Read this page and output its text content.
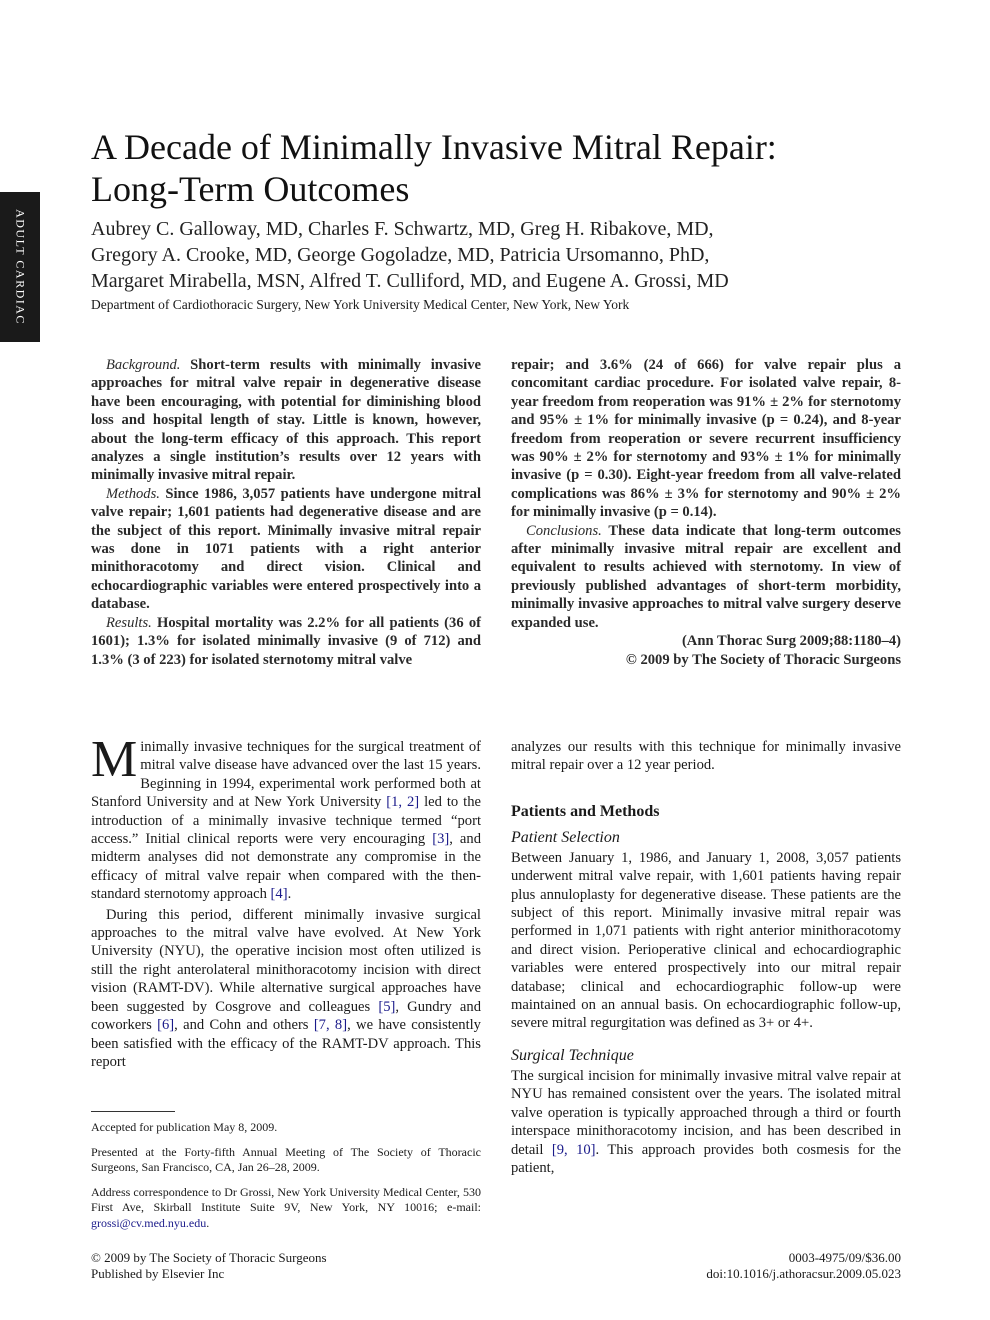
ADULT CARDIAC
A Decade of Minimally Invasive Mitral Repair:
Long-Term Outcomes
Aubrey C. Galloway, MD, Charles F. Schwartz, MD, Greg H. Ribakove, MD,
Gregory A. Crooke, MD, George Gogoladze, MD, Patricia Ursomanno, PhD,
Margaret Mirabella, MSN, Alfred T. Culliford, MD, and Eugene A. Grossi, MD
Department of Cardiothoracic Surgery, New York University Medical Center, New York, New York

Background. Short-term results with minimally invasive approaches for mitral valve repair in degenerative disease have been encouraging, with potential for diminishing blood loss and hospital length of stay. Little is known, however, about the long-term efficacy of this approach. This report analyzes a single institution’s results over 12 years with minimally invasive mitral repair.

Methods. Since 1986, 3,057 patients have undergone mitral valve repair; 1,601 patients had degenerative disease and are the subject of this report. Minimally invasive mitral repair was done in 1071 patients with a right anterior minithoracotomy and direct vision. Clinical and echocardiographic variables were entered prospectively into a database.

Results. Hospital mortality was 2.2% for all patients (36 of 1601); 1.3% for isolated minimally invasive (9 of 712) and 1.3% (3 of 223) for isolated sternotomy mitral valve

repair; and 3.6% (24 of 666) for valve repair plus a concomitant cardiac procedure. For isolated valve repair, 8-year freedom from reoperation was 91% ± 2% for sternotomy and 95% ± 1% for minimally invasive (p = 0.24), and 8-year freedom from reoperation or severe recurrent insufficiency was 90% ± 2% for sternotomy and 93% ± 1% for minimally invasive (p = 0.30). Eight-year freedom from all valve-related complications was 86% ± 3% for sternotomy and 90% ± 2% for minimally invasive (p = 0.14).

Conclusions. These data indicate that long-term outcomes after minimally invasive mitral repair are excellent and equivalent to results achieved with sternotomy. In view of previously published advantages of short-term morbidity, minimally invasive approaches to mitral valve surgery deserve expanded use.

(Ann Thorac Surg 2009;88:1180–4)

© 2009 by The Society of Thoracic Surgeons

Minimally invasive techniques for the surgical treatment of mitral valve disease have advanced over the last 15 years. Beginning in 1994, experimental work performed both at Stanford University and at New York University [1, 2] led to the introduction of a minimally invasive technique termed “port access.” Initial clinical reports were very encouraging [3], and midterm analyses did not demonstrate any compromise in the efficacy of mitral valve repair when compared with the then-standard sternotomy approach [4].

During this period, different minimally invasive surgical approaches to the mitral valve have evolved. At New York University (NYU), the operative incision most often utilized is still the right anterolateral minithoracotomy incision with direct vision (RAMT-DV). While alternative surgical approaches have been suggested by Cosgrove and colleagues [5], Gundry and coworkers [6], and Cohn and others [7, 8], we have consistently been satisfied with the efficacy of the RAMT-DV approach. This report

analyzes our results with this technique for minimally invasive mitral repair over a 12 year period.

Patients and Methods
Patient Selection

Between January 1, 1986, and January 1, 2008, 3,057 patients underwent mitral valve repair, with 1,601 patients having repair plus annuloplasty for degenerative disease. These patients are the subject of this report. Minimally invasive mitral repair was performed in 1,071 patients with right anterior minithoracotomy and direct vision. Perioperative clinical and echocardiographic variables were entered prospectively into our mitral repair database; clinical and echocardiographic follow-up were maintained on an annual basis. On echocardiographic follow-up, severe mitral regurgitation was defined as 3+ or 4+.

Surgical Technique

The surgical incision for minimally invasive mitral valve repair at NYU has remained consistent over the years. The isolated mitral valve operation is typically approached through a third or fourth interspace minithoracotomy incision, and has been described in detail [9, 10]. This approach provides both cosmesis for the patient,

Accepted for publication May 8, 2009.

Presented at the Forty-fifth Annual Meeting of The Society of Thoracic Surgeons, San Francisco, CA, Jan 26–28, 2009.

Address correspondence to Dr Grossi, New York University Medical Center, 530 First Ave, Skirball Institute Suite 9V, New York, NY 10016; e-mail: grossi@cv.med.nyu.edu.

© 2009 by The Society of Thoracic Surgeons
Published by Elsevier Inc
0003-4975/09/$36.00
doi:10.1016/j.athoracsur.2009.05.023
